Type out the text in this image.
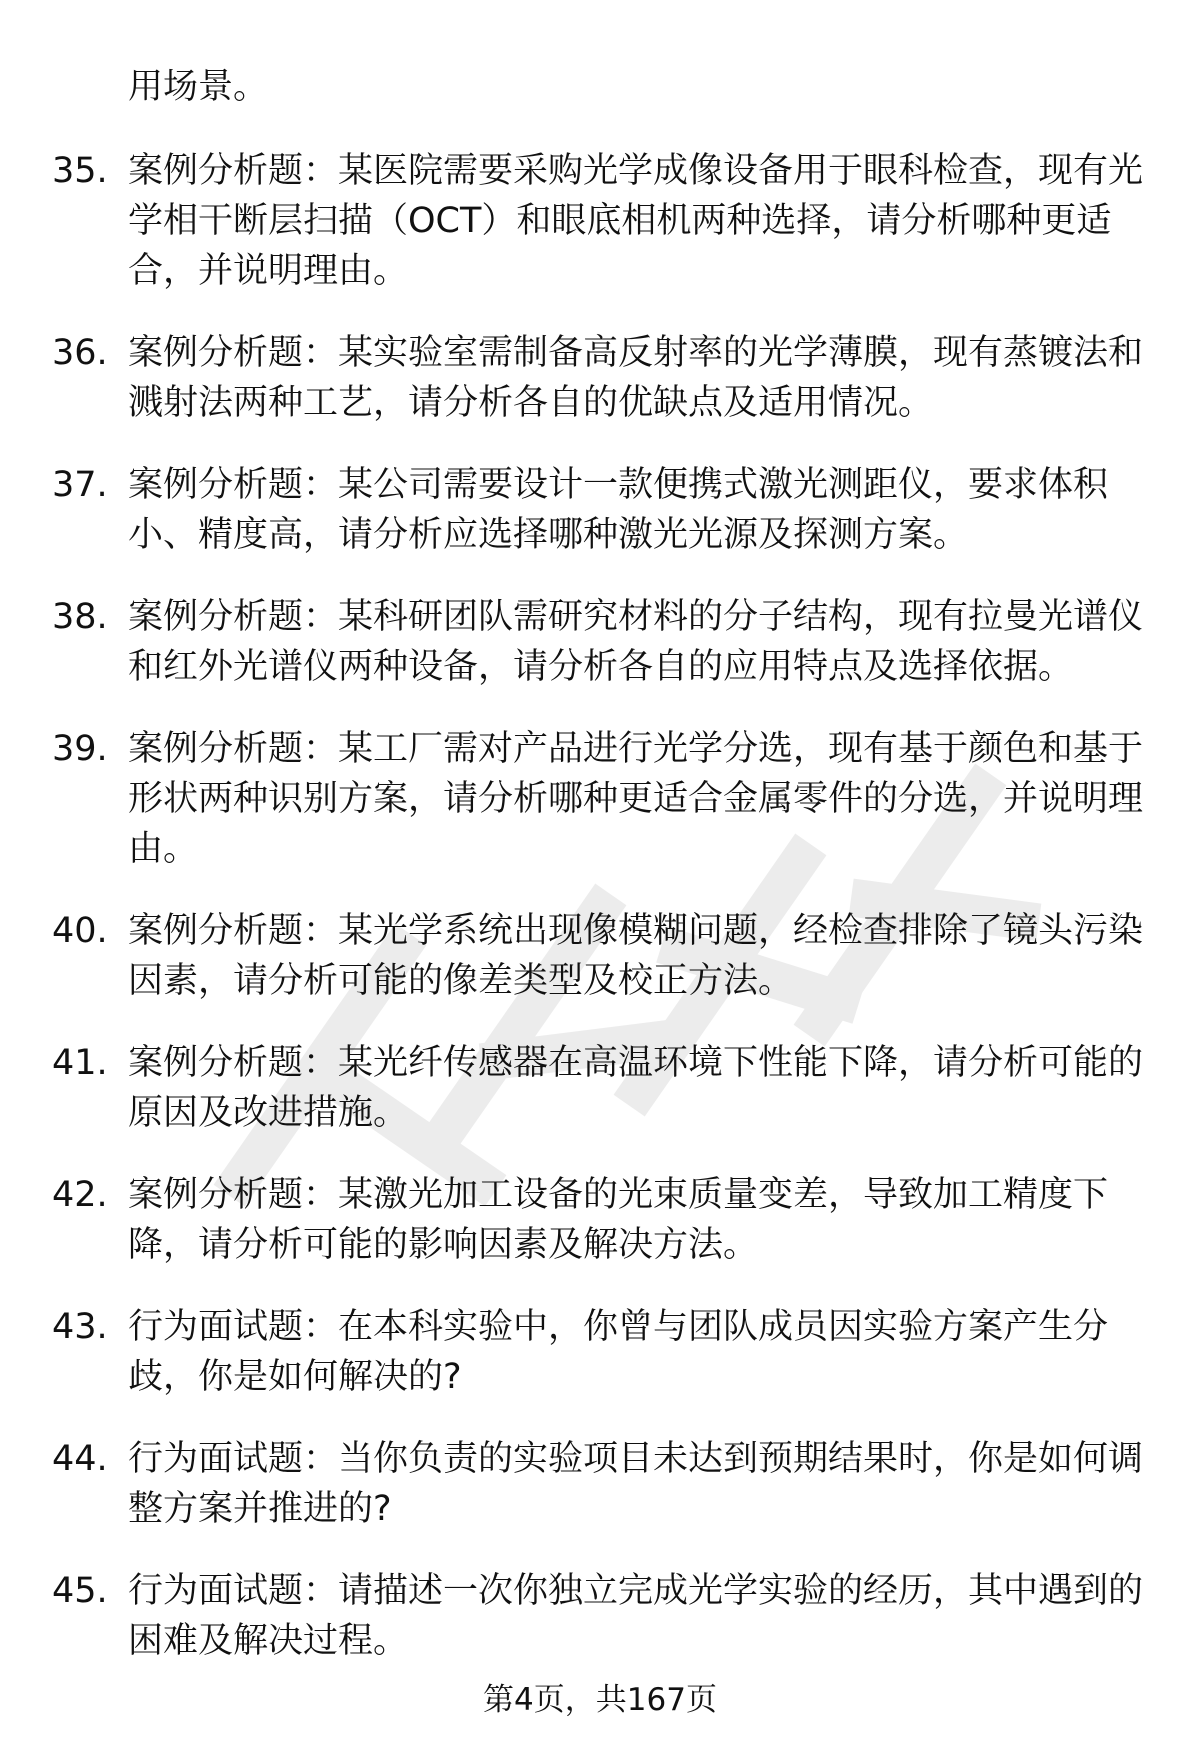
用场景。
35. 案例分析题：某医院需要采购光学成像设备用于眼科检查，现有光学相干断层扫描（OCT）和眼底相机两种选择，请分析哪种更适合，并说明理由。
36. 案例分析题：某实验室需制备高反射率的光学薄膜，现有蒸镀法和溅射法两种工艺，请分析各自的优缺点及适用情况。
37. 案例分析题：某公司需要设计一款便携式激光测距仪，要求体积小、精度高，请分析应选择哪种激光光源及探测方案。
38. 案例分析题：某科研团队需研究材料的分子结构，现有拉曼光谱仪和红外光谱仪两种设备，请分析各自的应用特点及选择依据。
39. 案例分析题：某工厂需对产品进行光学分选，现有基于颜色和基于形状两种识别方案，请分析哪种更适合金属零件的分选，并说明理由。
40. 案例分析题：某光学系统出现像模糊问题，经检查排除了镜头污染因素，请分析可能的像差类型及校正方法。
41. 案例分析题：某光纤传感器在高温环境下性能下降，请分析可能的原因及改进措施。
42. 案例分析题：某激光加工设备的光束质量变差，导致加工精度下降，请分析可能的影响因素及解决方法。
43. 行为面试题：在本科实验中，你曾与团队成员因实验方案产生分歧，你是如何解决的?
44. 行为面试题：当你负责的实验项目未达到预期结果时，你是如何调整方案并推进的?
45. 行为面试题：请描述一次你独立完成光学实验的经历，其中遇到的困难及解决过程。
第4页，共167页
